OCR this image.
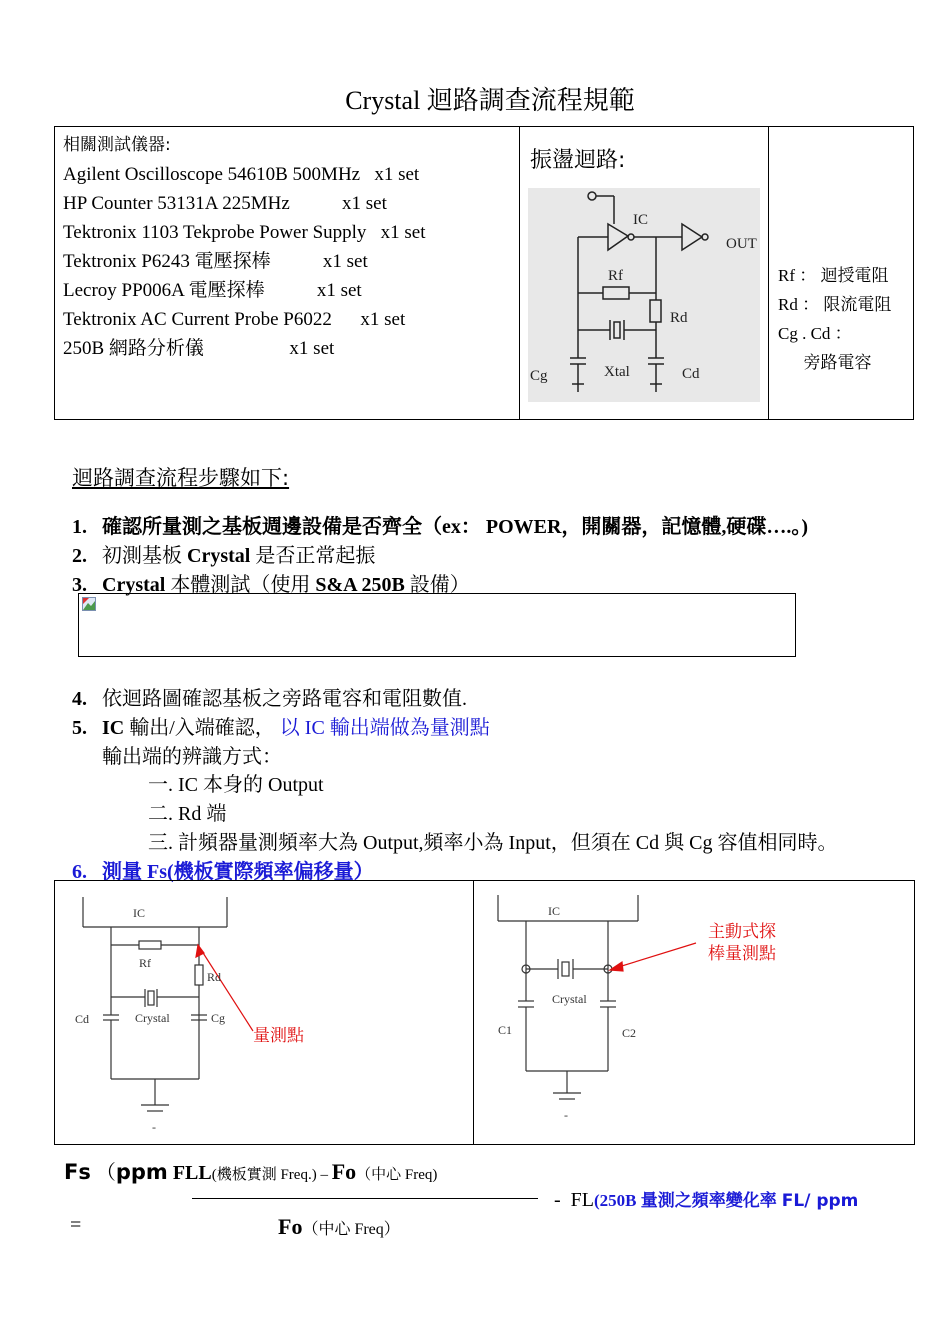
Crystal 迴路調查流程規範
相關測試儀器:
Agilent Oscilloscope 54610B 500MHz   x1 set
HP Counter 53131A 225MHz           x1 set
Tektronix 1103 Tekprobe Power Supply   x1 set
Tektronix P6243 電壓探棒           x1 set
Lecroy PP006A 電壓探棒           x1 set
Tektronix AC Current Probe P6022      x1 set
250B 網路分析儀                  x1 set

振盪迴路:
IC
OUT
Rf
Rd
Cg	Xtal	Cd

Rf ： 迴授電阻
Rd ： 限流電阻
Cg . Cd ：
旁路電容
迴路調查流程步驟如下:
1. 確認所量測之基板週邊設備是否齊全（ex： POWER，開關器，記憶體,硬碟….。)
2. 初測基板 Crystal 是否正常起振
3. Crystal 本體測試（使用 S&A 250B 設備）
4. 依迴路圖確認基板之旁路電容和電阻數值.
5. IC 輸出/入端確認， 以 IC 輸出端做為量測點
輸出端的辨識方式：
一. IC 本身的 Output
二. Rd 端
三. 計頻器量測頻率大為 Output,頻率小為 Input，但須在 Cd 與 Cg 容值相同時。
6. 測量 Fs(機板實際頻率偏移量）
IC
Rf
Rd
Cd	Crystal	Cg
-
量測點

IC
Crystal
C1	C2
-
主動式探
棒量測點
Fs （ppm FLL(機板實測 Freq.) – Fo（中心 Freq)
- FL(250B 量測之頻率變化率 FL/ ppm
=	Fo（中心 Freq）
